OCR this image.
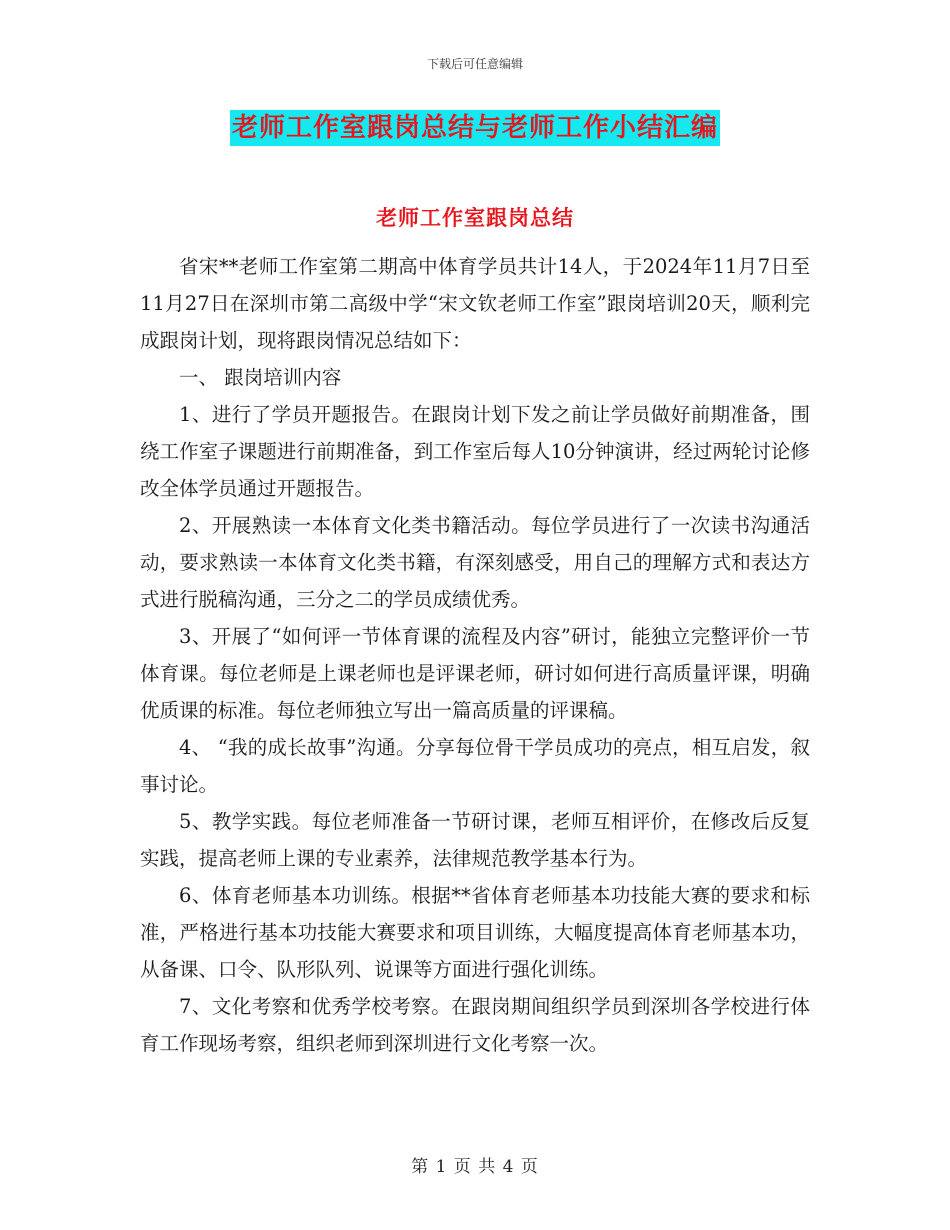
下载后可任意编辑
老师工作室跟岗总结与老师工作小结汇编
老师工作室跟岗总结

省宋**老师工作室第二期高中体育学员共计14人，于2024年11月7日至11月27日在深圳市第二高级中学“宋文钦老师工作室”跟岗培训20天，顺利完成跟岗计划，现将跟岗情况总结如下：

一、 跟岗培训内容

1、进行了学员开题报告。在跟岗计划下发之前让学员做好前期准备，围绕工作室子课题进行前期准备，到工作室后每人10分钟演讲，经过两轮讨论修改全体学员通过开题报告。

2、开展熟读一本体育文化类书籍活动。每位学员进行了一次读书沟通活动，要求熟读一本体育文化类书籍，有深刻感受，用自己的理解方式和表达方式进行脱稿沟通，三分之二的学员成绩优秀。

3、开展了“如何评一节体育课的流程及内容”研讨，能独立完整评价一节体育课。每位老师是上课老师也是评课老师，研讨如何进行高质量评课，明确优质课的标准。每位老师独立写出一篇高质量的评课稿。

4、 “我的成长故事”沟通。分享每位骨干学员成功的亮点，相互启发，叙事讨论。

5、教学实践。每位老师准备一节研讨课，老师互相评价，在修改后反复实践，提高老师上课的专业素养，法律规范教学基本行为。

6、体育老师基本功训练。根据**省体育老师基本功技能大赛的要求和标准，严格进行基本功技能大赛要求和项目训练，大幅度提高体育老师基本功，从备课、口令、队形队列、说课等方面进行强化训练。

7、文化考察和优秀学校考察。在跟岗期间组织学员到深圳各学校进行体育工作现场考察，组织老师到深圳进行文化考察一次。

第 1 页 共 4 页
